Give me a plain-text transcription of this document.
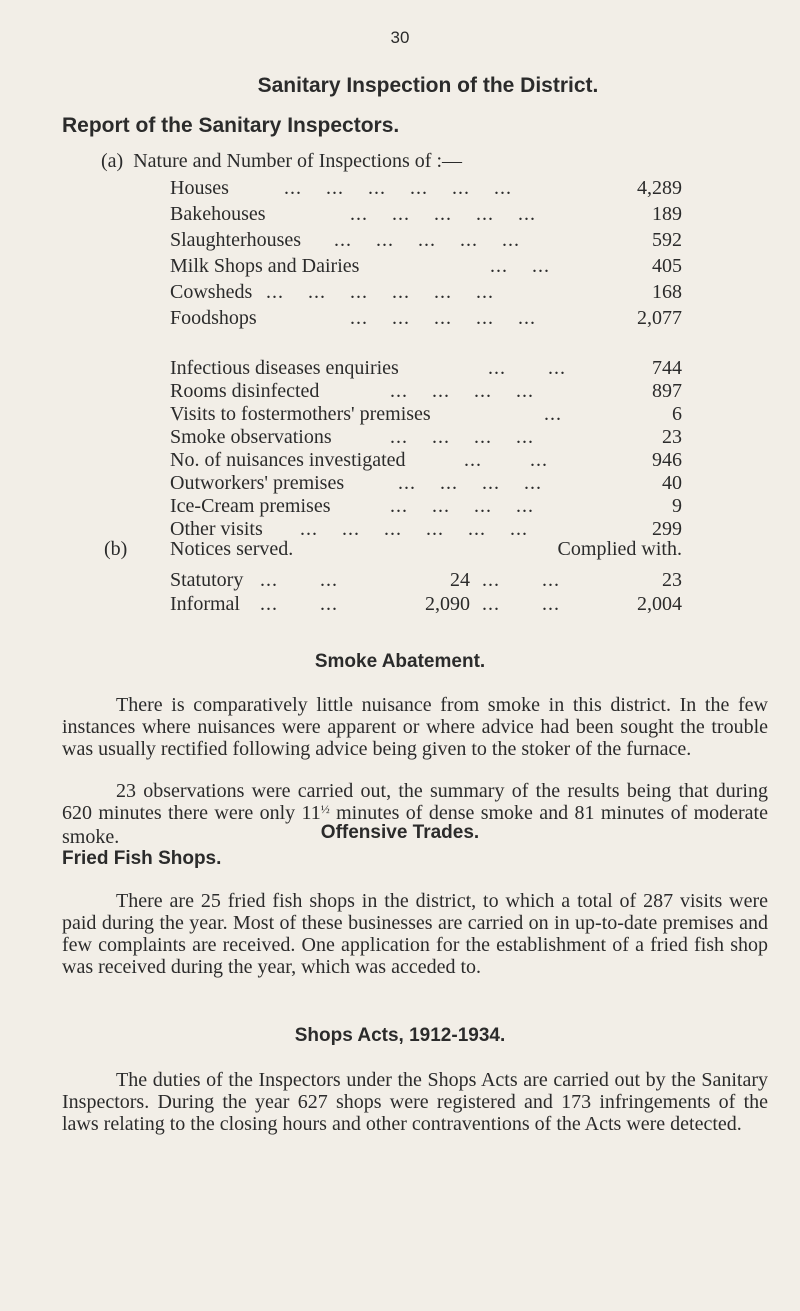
30
Sanitary Inspection of the District.
Report of the Sanitary Inspectors.
(a) Nature and Number of Inspections of :—
Houses	...    ...    ...    ...    ...    ...	4,289
Bakehouses	...    ...    ...    ...    ...	189
Slaughterhouses ...    ...    ...    ...    ...	592
Milk Shops and Dairies	...    ...	405
Cowsheds ...    ...    ...    ...    ...    ...	168
Foodshops	...    ...    ...    ...    ...	2,077
Infectious diseases enquiries	...       ...	744
Rooms disinfected	...    ...    ...    ...	897
Visits to fostermothers' premises	...	6
Smoke observations	...    ...    ...    ...	23
No. of nuisances investigated	...        ...	946
Outworkers' premises	...    ...    ...    ...	40
Ice-Cream premises	...    ...    ...    ...	9
Other visits ...    ...    ...    ...    ...    ...	299
(b) Notices served.	Complied with.
Statutory ...       ...	24 ...       ...	23
Informal ...       ...	2,090 ...       ...	2,004
Smoke Abatement.
There is comparatively little nuisance from smoke in this district. In the few instances where nuisances were apparent or where advice had been sought the trouble was usually rectified following advice being given to the stoker of the furnace.
23 observations were carried out, the summary of the results being that during 620 minutes there were only $11^{\frac{1}{2}}$ minutes of dense smoke and 81 minutes of moderate smoke.	Offensive Trades.
Fried Fish Shops.
There are 25 fried fish shops in the district, to which a total of 287 visits were paid during the year. Most of these businesses are carried on in up-to-date premises and few complaints are received. One application for the establishment of a fried fish shop was received during the year, which was acceded to.
Shops Acts, 1912-1934.
The duties of the Inspectors under the Shops Acts are carried out by the Sanitary Inspectors. During the year 627 shops were registered and 173 infringements of the laws relating to the closing hours and other contraventions of the Acts were detected.
